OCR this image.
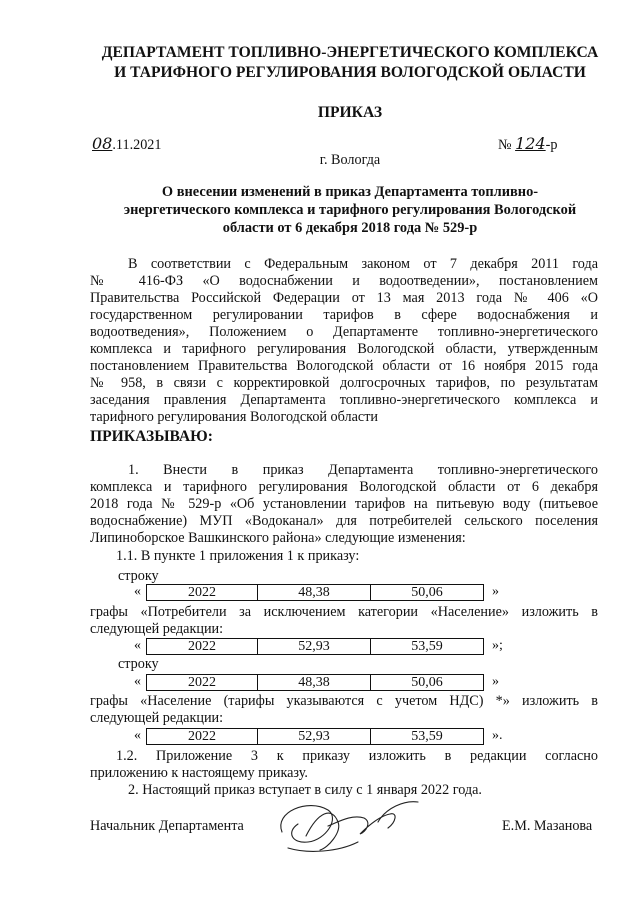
ДЕПАРТАМЕНТ ТОПЛИВНО-ЭНЕРГЕТИЧЕСКОГО КОМПЛЕКСА
И ТАРИФНОГО РЕГУЛИРОВАНИЯ ВОЛОГОДСКОЙ ОБЛАСТИ
ПРИКАЗ
08.11.2021	№ 124-р
г. Вологда
О внесении изменений в приказ Департамента топливно-
энергетического комплекса и тарифного регулирования Вологодской
области от 6 декабря 2018 года № 529-р
В соответствии с Федеральным законом от 7 декабря 2011 года
№ 416-ФЗ «О водоснабжении и водоотведении», постановлением
Правительства Российской Федерации от 13 мая 2013 года № 406 «О
государственном регулировании тарифов в сфере водоснабжения и
водоотведения», Положением о Департаменте топливно-энергетического
комплекса и тарифного регулирования Вологодской области, утвержденным
постановлением Правительства Вологодской области от 16 ноября 2015 года
№ 958, в связи с корректировкой долгосрочных тарифов, по результатам
заседания правления Департамента топливно-энергетического комплекса и
тарифного регулирования Вологодской области
ПРИКАЗЫВАЮ:
1. Внести в приказ Департамента топливно-энергетического
комплекса и тарифного регулирования Вологодской области от 6 декабря
2018 года № 529-р «Об установлении тарифов на питьевую воду (питьевое
водоснабжение) МУП «Водоканал» для потребителей сельского поселения
Липиноборское Вашкинского района» следующие изменения:
1.1. В пункте 1 приложения 1 к приказу:
строку
«	2022	48,38	50,06	»
графы «Потребители за исключением категории «Население» изложить в
следующей редакции:
«	2022	52,93	53,59	»;
строку
«	2022	48,38	50,06	»
графы «Население (тарифы указываются с учетом НДС) *» изложить в
следующей редакции:
«	2022	52,93	53,59	».
1.2. Приложение 3 к приказу изложить в редакции согласно
приложению к настоящему приказу.
2. Настоящий приказ вступает в силу с 1 января 2022 года.
Начальник Департамента	Е.М. Мазанова
